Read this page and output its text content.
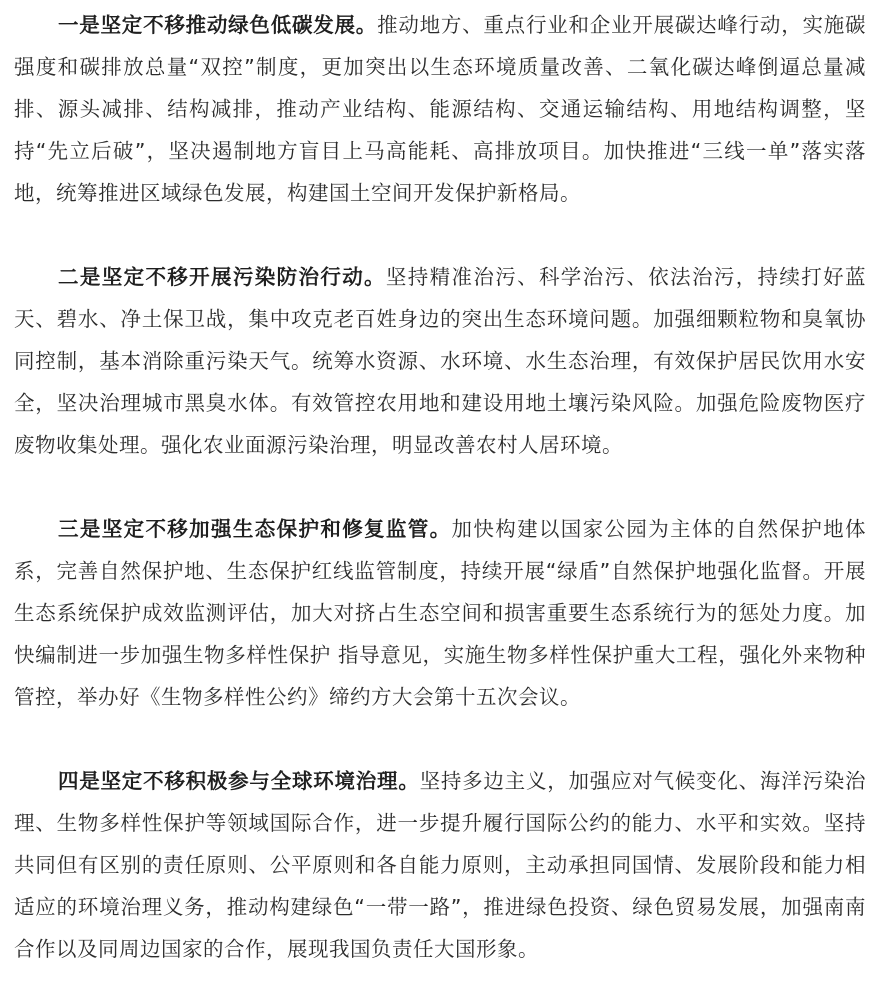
一是坚定不移推动绿色低碳发展。推动地方、重点行业和企业开展碳达峰行动，实施碳强度和碳排放总量“双控”制度，更加突出以生态环境质量改善、二氧化碳达峰倒逼总量减排、源头减排、结构减排，推动产业结构、能源结构、交通运输结构、用地结构调整，坚持“先立后破”，坚决遏制地方盲目上马高能耗、高排放项目。加快推进“三线一单”落实落地，统筹推进区域绿色发展，构建国土空间开发保护新格局。

二是坚定不移开展污染防治行动。坚持精准治污、科学治污、依法治污，持续打好蓝天、碧水、净土保卫战，集中攻克老百姓身边的突出生态环境问题。加强细颗粒物和臭氧协同控制，基本消除重污染天气。统筹水资源、水环境、水生态治理，有效保护居民饮用水安全，坚决治理城市黑臭水体。有效管控农用地和建设用地土壤污染风险。加强危险废物医疗废物收集处理。强化农业面源污染治理，明显改善农村人居环境。

三是坚定不移加强生态保护和修复监管。加快构建以国家公园为主体的自然保护地体系，完善自然保护地、生态保护红线监管制度，持续开展“绿盾”自然保护地强化监督。开展生态系统保护成效监测评估，加大对挤占生态空间和损害重要生态系统行为的惩处力度。加快编制进一步加强生物多样性保护 指导意见，实施生物多样性保护重大工程，强化外来物种管控，举办好《生物多样性公约》缔约方大会第十五次会议。

四是坚定不移积极参与全球环境治理。坚持多边主义，加强应对气候变化、海洋污染治理、生物多样性保护等领域国际合作，进一步提升履行国际公约的能力、水平和实效。坚持共同但有区别的责任原则、公平原则和各自能力原则，主动承担同国情、发展阶段和能力相适应的环境治理义务，推动构建绿色“一带一路”，推进绿色投资、绿色贸易发展，加强南南合作以及同周边国家的合作，展现我国负责任大国形象。
